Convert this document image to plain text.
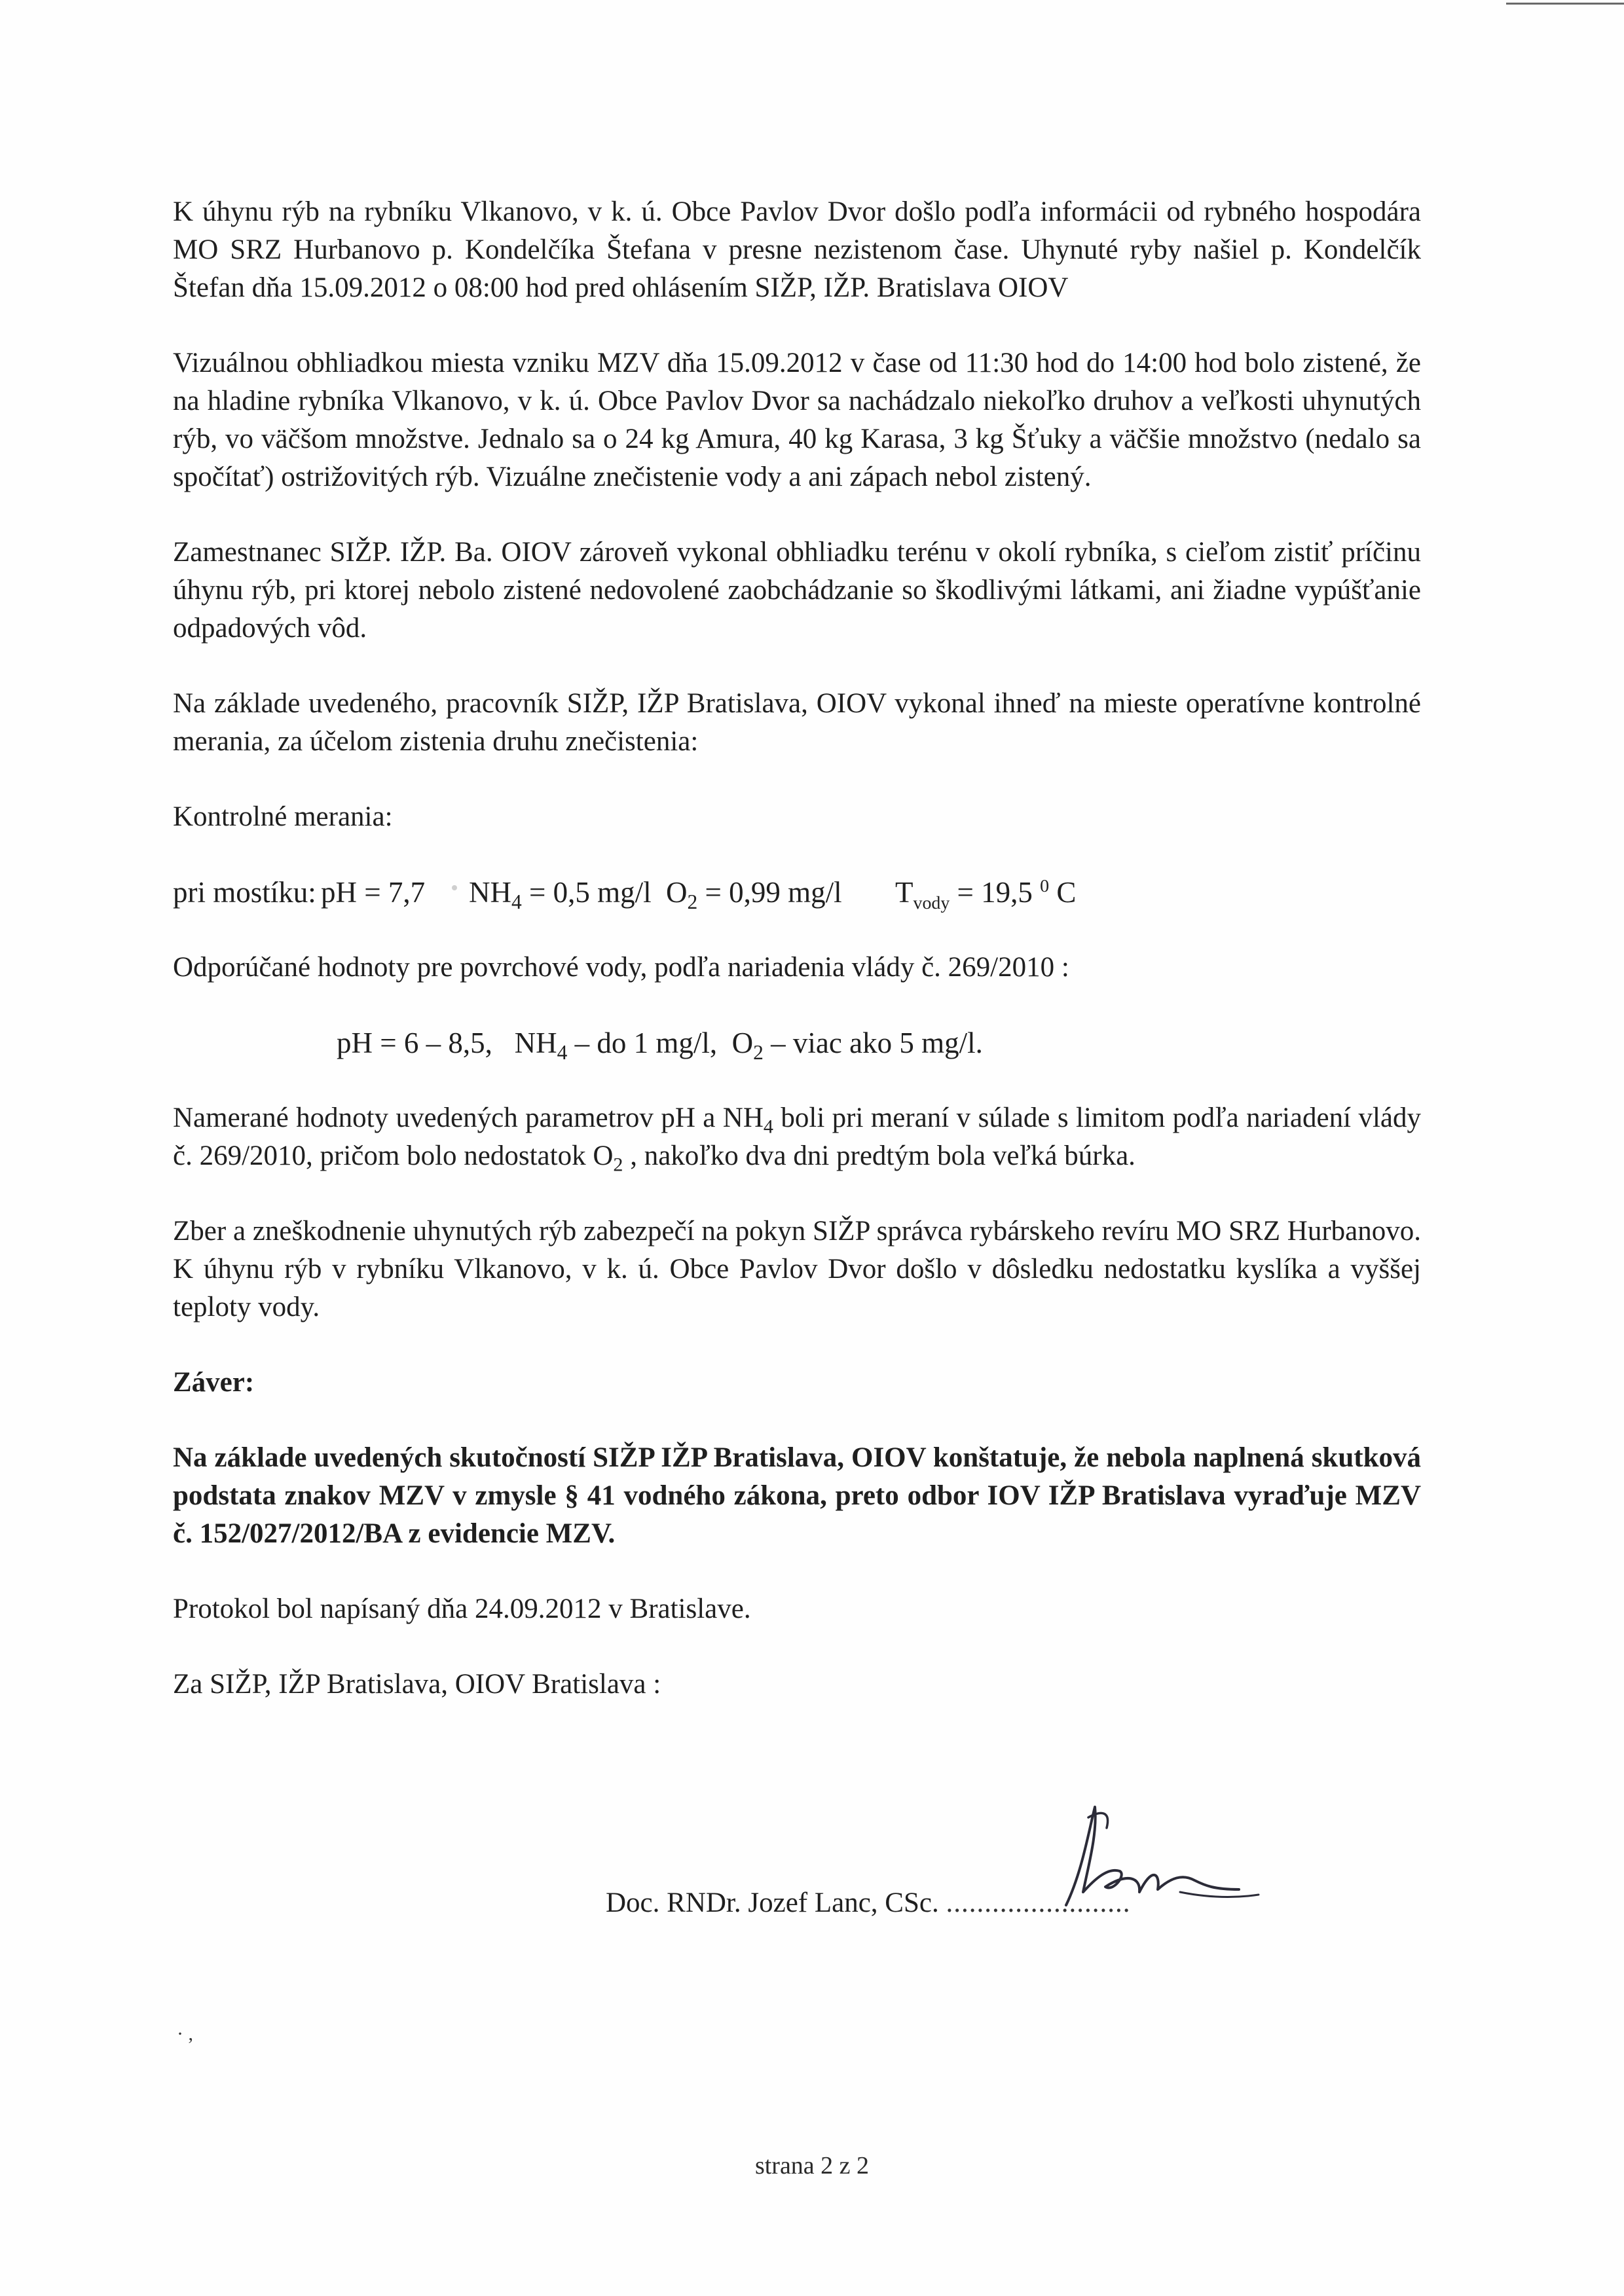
K úhynu rýb na rybníku Vlkanovo, v k. ú. Obce Pavlov Dvor došlo podľa informácii od rybného hospodára MO SRZ Hurbanovo p. Kondelčíka Štefana v presne nezistenom čase. Uhynuté ryby našiel p. Kondelčík Štefan dňa 15.09.2012 o 08:00 hod pred ohlásením SIŽP, IŽP. Bratislava OIOV

Vizuálnou obhliadkou miesta vzniku MZV dňa 15.09.2012 v čase od 11:30 hod do 14:00 hod bolo zistené, že na hladine rybníka Vlkanovo, v k. ú. Obce Pavlov Dvor sa nachádzalo niekoľko druhov a veľkosti uhynutých rýb, vo väčšom množstve. Jednalo sa o 24 kg Amura, 40 kg Karasa, 3 kg Šťuky a väčšie množstvo (nedalo sa spočítať) ostrižovitých rýb. Vizuálne znečistenie vody a ani zápach nebol zistený.

Zamestnanec SIŽP. IŽP. Ba. OIOV zároveň vykonal obhliadku terénu v okolí rybníka, s cieľom zistiť príčinu úhynu rýb, pri ktorej nebolo zistené nedovolené zaobchádzanie so škodlivými látkami, ani žiadne vypúšťanie odpadových vôd.

Na základe uvedeného, pracovník SIŽP, IŽP Bratislava, OIOV vykonal ihneď na mieste operatívne kontrolné merania, za účelom zistenia druhu znečistenia:

Kontrolné merania:

pri mostíku: pH = 7,7 $NH_4 = 0,5$ mg/l $O_2 = 0,99$ mg/l $T_{vody} = 19,5$ $^0$ C

Odporúčané hodnoty pre povrchové vody, podľa nariadenia vlády č. 269/2010 :

pH = 6 – 8,5, $NH_4$ – do 1 mg/l, $O_2$ – viac ako 5 mg/l.

Namerané hodnoty uvedených parametrov pH a $NH_4$ boli pri meraní v súlade s limitom podľa nariadení vlády č. 269/2010, pričom bolo nedostatok $O_2$ , nakoľko dva dni predtým bola veľká búrka.

Zber a zneškodnenie uhynutých rýb zabezpečí na pokyn SIŽP správca rybárskeho revíru MO SRZ Hurbanovo. K úhynu rýb v rybníku Vlkanovo, v k. ú. Obce Pavlov Dvor došlo v dôsledku nedostatku kyslíka a vyššej teploty vody.

Záver:

Na základe uvedených skutočností SIŽP IŽP Bratislava, OIOV konštatuje, že nebola naplnená skutková podstata znakov MZV v zmysle § 41 vodného zákona, preto odbor IOV IŽP Bratislava vyraďuje MZV č. 152/027/2012/BA z evidencie MZV.

Protokol bol napísaný dňa 24.09.2012 v Bratislave.

Za SIŽP, IŽP Bratislava, OIOV Bratislava :

Doc. RNDr. Jozef Lanc, CSc. ........................
· ,
strana 2 z 2
